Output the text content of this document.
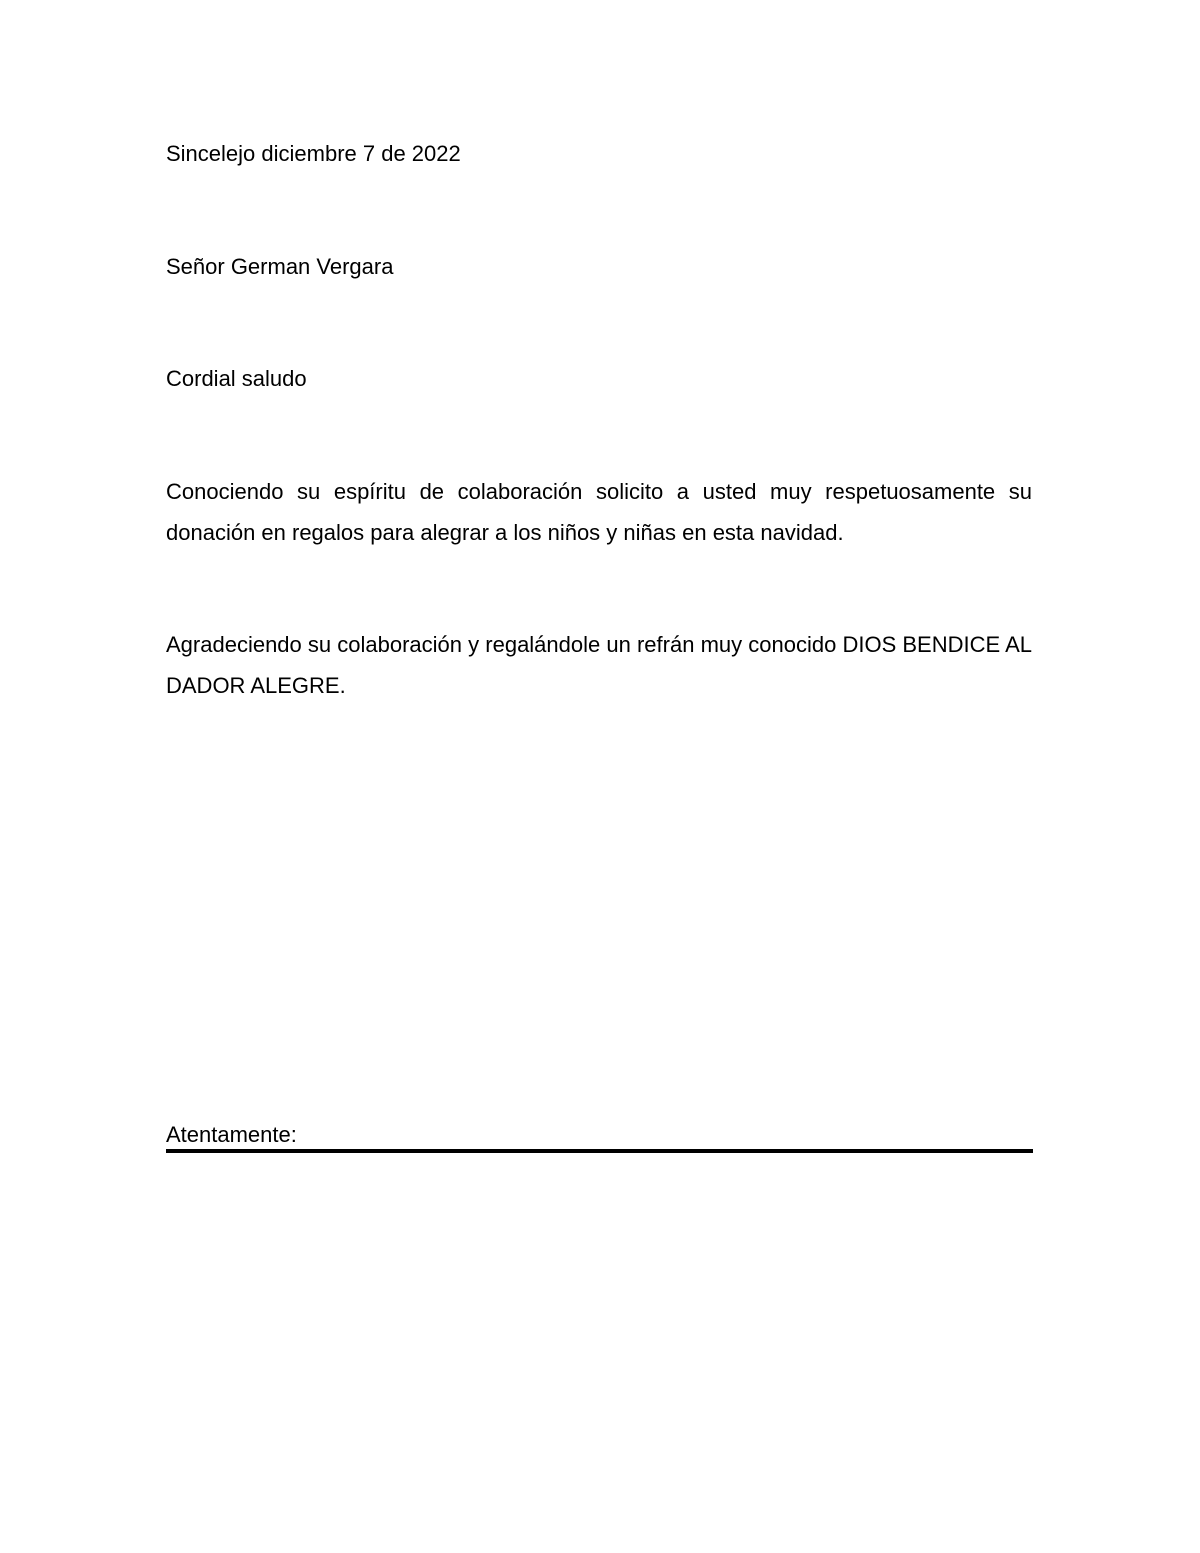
Sincelejo diciembre 7 de 2022

Señor German Vergara

Cordial saludo

Conociendo su espíritu de colaboración solicito a usted muy respetuosamente su donación en regalos para alegrar a los niños y niñas en esta navidad.

Agradeciendo su colaboración y regalándole un refrán muy conocido DIOS BENDICE AL DADOR ALEGRE.

Atentamente:
